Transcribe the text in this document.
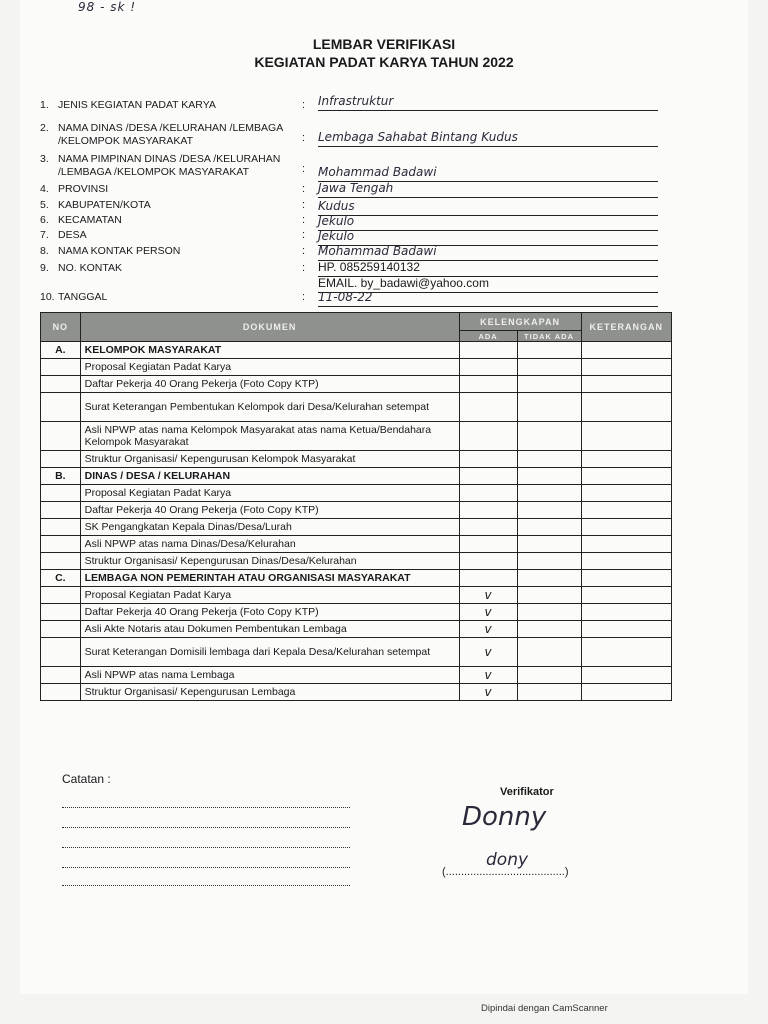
98 - sk !
LEMBAR VERIFIKASI
KEGIATAN PADAT KARYA TAHUN 2022
1. JENIS KEGIATAN PADAT KARYA	: Infrastruktur
2. NAMA DINAS /DESA /KELURAHAN /LEMBAGA /KELOMPOK MASYARAKAT	: Lembaga Sahabat Bintang Kudus
3. NAMA PIMPINAN DINAS /DESA /KELURAHAN /LEMBAGA /KELOMPOK MASYARAKAT	: Mohammad Badawi
4. PROVINSI	: Jawa Tengah
5. KABUPATEN/KOTA	: Kudus
6. KECAMATAN	: Jekulo
7. DESA	: Jekulo
8. NAMA KONTAK PERSON	: Mohammad Badawi
9. NO. KONTAK	: HP. 085259140132
EMAIL. by_badawi@yahoo.com
10. TANGGAL	: 11-08-22
NO	DOKUMEN	KELENGKAPAN		KETERANGAN
		ADA	TIDAK ADA	
A.	KELOMPOK MASYARAKAT			
	Proposal Kegiatan Padat Karya			
	Daftar Pekerja 40 Orang Pekerja (Foto Copy KTP)			
	Surat Keterangan Pembentukan Kelompok dari Desa/Kelurahan setempat			
	Asli NPWP atas nama Kelompok Masyarakat atas nama Ketua/Bendahara Kelompok Masyarakat			
	Struktur Organisasi/ Kepengurusan Kelompok Masyarakat			
B.	DINAS / DESA / KELURAHAN			
	Proposal Kegiatan Padat Karya			
	Daftar Pekerja 40 Orang Pekerja (Foto Copy KTP)			
	SK Pengangkatan Kepala Dinas/Desa/Lurah			
	Asli NPWP atas nama Dinas/Desa/Kelurahan			
	Struktur Organisasi/ Kepengurusan Dinas/Desa/Kelurahan			
C.	LEMBAGA NON PEMERINTAH ATAU ORGANISASI MASYARAKAT			
	Proposal Kegiatan Padat Karya	v		
	Daftar Pekerja 40 Orang Pekerja (Foto Copy KTP)	v		
	Asli Akte Notaris atau Dokumen Pembentukan Lembaga	v		
	Surat Keterangan Domisili lembaga dari Kepala Desa/Kelurahan setempat	v		
	Asli NPWP atas nama Lembaga	v		
	Struktur Organisasi/ Kepengurusan Lembaga	v		
Catatan :
Verifikator
Donny
dony
(.......................................)
Dipindai dengan CamScanner
